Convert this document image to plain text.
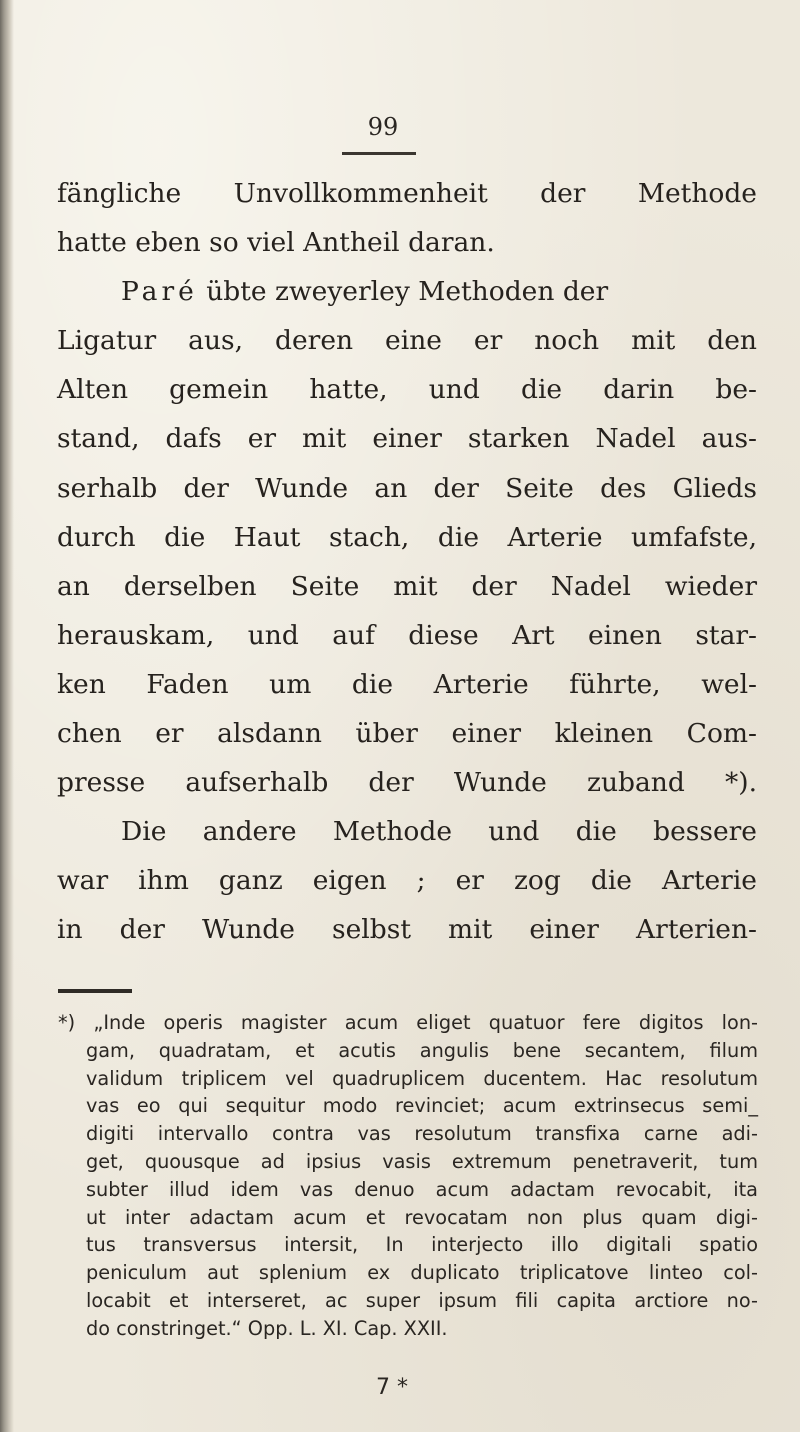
99
fängliche Unvollkommenheit der Methode
hatte eben so viel Antheil daran.
Paré übte zweyerley Methoden der
Ligatur aus, deren eine er noch mit den
Alten gemein hatte, und die darin be-
stand, dafs er mit einer starken Nadel aus-
serhalb der Wunde an der Seite des Glieds
durch die Haut stach, die Arterie umfafste,
an derselben Seite mit der Nadel wieder
herauskam, und auf diese Art einen star-
ken Faden um die Arterie führte, wel-
chen er alsdann über einer kleinen Com-
presse aufserhalb der Wunde zuband *).
Die andere Methode und die bessere
war ihm ganz eigen ; er zog die Arterie
in der Wunde selbst mit einer Arterien-
*) „Inde operis magister acum eliget quatuor fere digitos lon-
gam, quadratam, et acutis angulis bene secantem, filum
validum triplicem vel quadruplicem ducentem. Hac resolutum
vas eo qui sequitur modo revinciet; acum extrinsecus semi_
digiti intervallo contra vas resolutum transfixa carne adi-
get, quousque ad ipsius vasis extremum penetraverit, tum
subter illud idem vas denuo acum adactam revocabit, ita
ut inter adactam acum et revocatam non plus quam digi-
tus transversus intersit, In interjecto illo digitali spatio
peniculum aut splenium ex duplicato triplicatove linteo col-
locabit et interseret, ac super ipsum fili capita arctiore no-
do constringet.“ Opp. L. XI. Cap. XXII.
7 *
